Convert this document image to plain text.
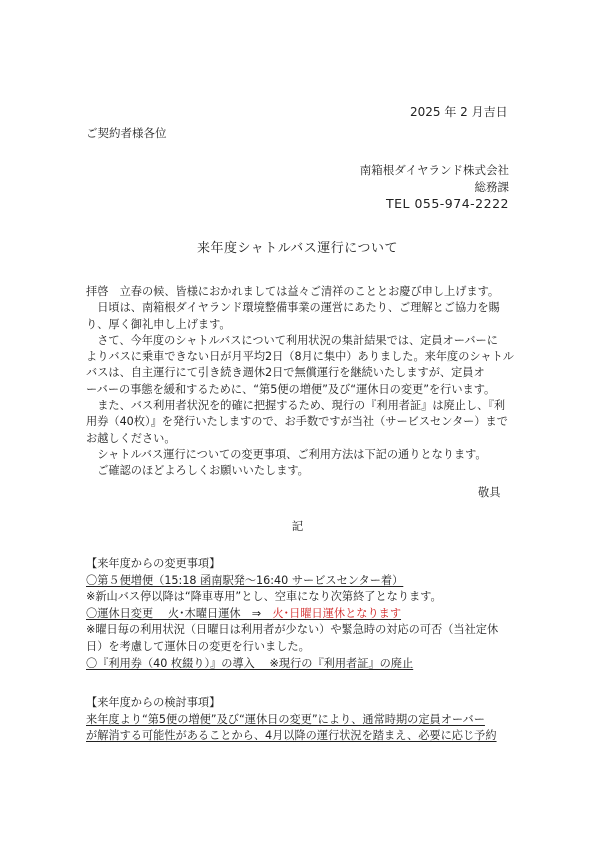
2025 年 2 月吉日
ご契約者様各位
南箱根ダイヤランド株式会社
総務課
TEL 055-974-2222
来年度シャトルバス運行について

拝啓　立春の候、皆様におかれましては益々ご清祥のこととお慶び申し上げます。

　日頃は、南箱根ダイヤランド環境整備事業の運営にあたり、ご理解とご協力を賜

り、厚く御礼申し上げます。

　さて、今年度のシャトルバスについて利用状況の集計結果では、定員オーバーに

よりバスに乗車できない日が月平均2日（8月に集中）ありました。来年度のシャトル

バスは、自主運行にて引き続き週休2日で無償運行を継続いたしますが、定員オ

ーバーの事態を緩和するために、“第5便の増便”及び“運休日の変更”を行います。

　また、バス利用者状況を的確に把握するため、現行の『利用者証』は廃止し、『利

用券（40枚）』を発行いたしますので、お手数ですが当社（サービスセンター）まで

お越しください。

　シャトルバス運行についての変更事項、ご利用方法は下記の通りとなります。

　ご確認のほどよろしくお願いいたします。

敬具
記

【来年度からの変更事項】

〇第５便増便（15:18 函南駅発～16:40 サービスセンター着）

※新山バス停以降は“降車専用”とし、空車になり次第終了となります。

〇運休日変更　 火･木曜日運休　⇒　火･日曜日運休となります

※曜日毎の利用状況（日曜日は利用者が少ない）や緊急時の対応の可否（当社定休

日）を考慮して運休日の変更を行いました。

〇『利用券（40 枚綴り）』の導入　 ※現行の『利用者証』の廃止

【来年度からの検討事項】

来年度より“第5便の増便”及び“運休日の変更”により、通常時期の定員オーバー

が解消する可能性があることから、4月以降の運行状況を踏まえ、必要に応じ予約
